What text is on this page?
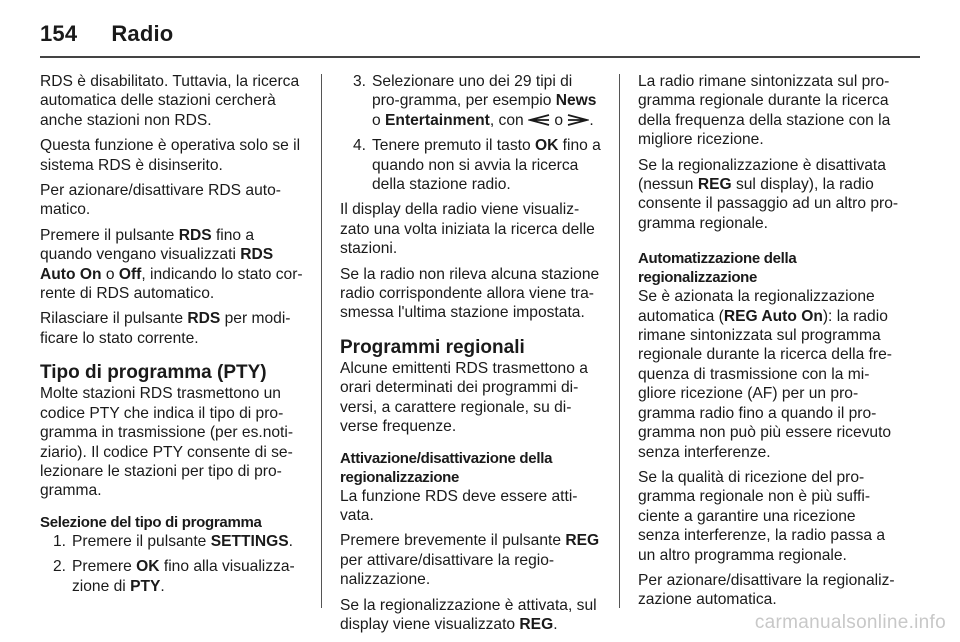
154 Radio

RDS è disabilitato. Tuttavia, la ricerca automatica delle stazioni cercherà anche stazioni non RDS.

Questa funzione è operativa solo se il sistema RDS è disinserito.

Per azionare/disattivare RDS auto-matico.

Premere il pulsante RDS fino a quando vengano visualizzati RDS Auto On o Off, indicando lo stato cor-rente di RDS automatico.

Rilasciare il pulsante RDS per modi-ficare lo stato corrente.

Tipo di programma (PTY)

Molte stazioni RDS trasmettono un codice PTY che indica il tipo di pro-gramma in trasmissione (per es.noti-ziario). Il codice PTY consente di se-lezionare le stazioni per tipo di pro-gramma.

Selezione del tipo di programma
1. Premere il pulsante SETTINGS.
2. Premere OK fino alla visualizza-zione di PTY.
3. Selezionare uno dei 29 tipi di pro-gramma, per esempio News o Entertainment, con  o .
4. Tenere premuto il tasto OK fino a quando non si avvia la ricerca della stazione radio.

Il display della radio viene visualiz-zato una volta iniziata la ricerca delle stazioni.

Se la radio non rileva alcuna stazione radio corrispondente allora viene tra-smessa l'ultima stazione impostata.

Programmi regionali

Alcune emittenti RDS trasmettono a orari determinati dei programmi di-versi, a carattere regionale, su di-verse frequenze.

Attivazione/disattivazione della regionalizzazione

La funzione RDS deve essere atti-vata.

Premere brevemente il pulsante REG per attivare/disattivare la regio-nalizzazione.

Se la regionalizzazione è attivata, sul display viene visualizzato REG.

La radio rimane sintonizzata sul pro-gramma regionale durante la ricerca della frequenza della stazione con la migliore ricezione.

Se la regionalizzazione è disattivata (nessun REG sul display), la radio consente il passaggio ad un altro pro-gramma regionale.

Automatizzazione della regionalizzazione

Se è azionata la regionalizzazione automatica (REG Auto On): la radio rimane sintonizzata sul programma regionale durante la ricerca della fre-quenza di trasmissione con la mi-gliore ricezione (AF) per un pro-gramma radio fino a quando il pro-gramma non può più essere ricevuto senza interferenze.

Se la qualità di ricezione del pro-gramma regionale non è più suffi-ciente a garantire una ricezione senza interferenze, la radio passa a un altro programma regionale.

Per azionare/disattivare la regionaliz-zazione automatica.

carmanualsonline.info
